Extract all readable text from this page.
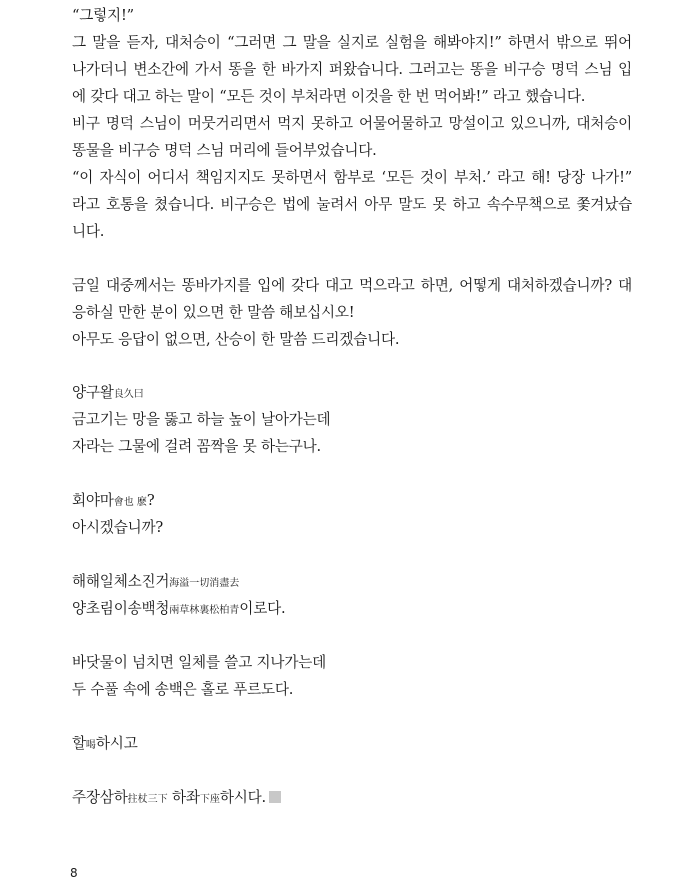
“그렇지!”
그 말을 듣자, 대처승이 “그러면 그 말을 실지로 실험을 해봐야지!” 하면서 밖으로 뛰어
나가더니 변소간에 가서 똥을 한 바가지 퍼왔습니다. 그러고는 똥을 비구승 명덕 스님 입
에 갖다 대고 하는 말이 “모든 것이 부처라면 이것을 한 번 먹어봐!” 라고 했습니다.
비구 명덕 스님이 머뭇거리면서 먹지 못하고 어물어물하고 망설이고 있으니까, 대처승이
똥물을 비구승 명덕 스님 머리에 들어부었습니다.
“이 자식이 어디서 책임지지도 못하면서 함부로 ‘모든 것이 부처.’ 라고 해! 당장 나가!”
라고 호통을 쳤습니다. 비구승은 법에 눌려서 아무 말도 못 하고 속수무책으로 쫓겨났습
니다.
금일 대중께서는 똥바가지를 입에 갖다 대고 먹으라고 하면, 어떻게 대처하겠습니까? 대
응하실 만한 분이 있으면 한 말씀 해보십시오!
아무도 응답이 없으면, 산승이 한 말씀 드리겠습니다.
양구왈良久曰
금고기는 망을 뚫고 하늘 높이 날아가는데
자라는 그물에 걸려 꼼짝을 못 하는구나.
회야마會也 麽?
아시겠습니까?
해해일체소진거海溢一切消盡去
양초림이송백청兩草林裏松柏青이로다.
바닷물이 넘치면 일체를 쓸고 지나가는데
두 수풀 속에 송백은 홀로 푸르도다.
할喝하시고
주장삼하拄杖三下 하좌下座하시다.
8
